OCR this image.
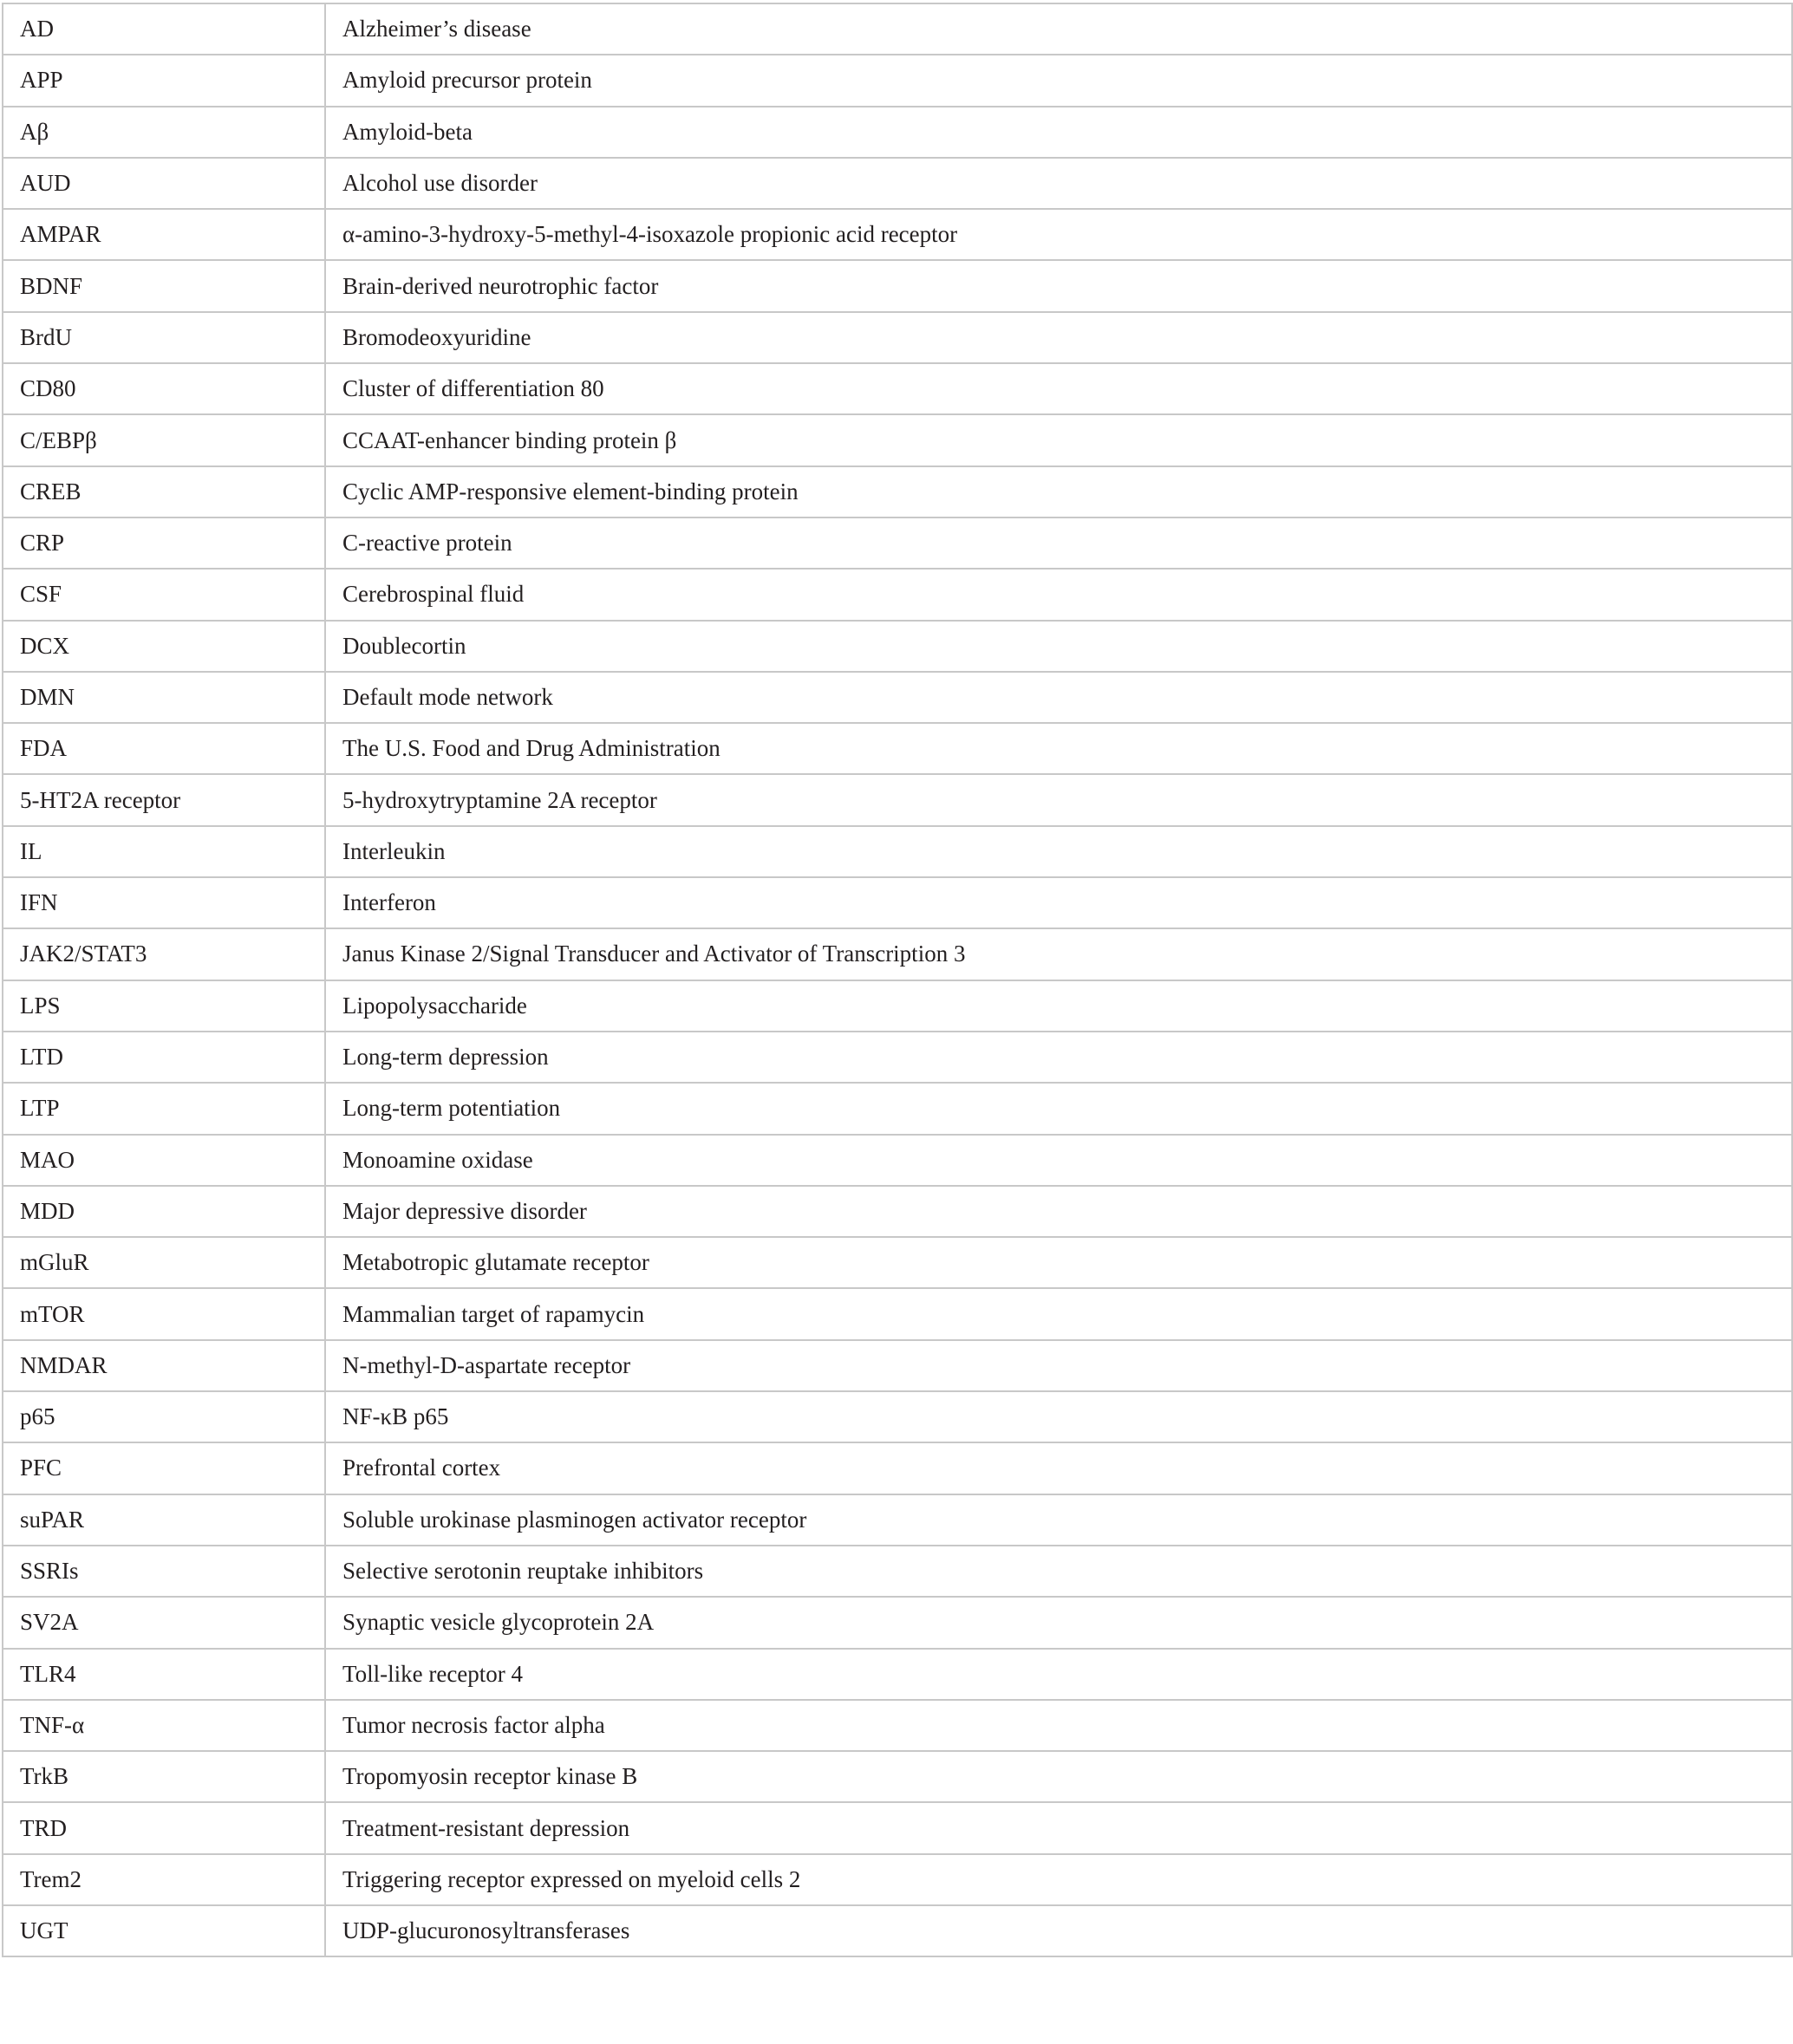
AD	Alzheimer’s disease
APP	Amyloid precursor protein
Aβ	Amyloid-beta
AUD	Alcohol use disorder
AMPAR	α-amino-3-hydroxy-5-methyl-4-isoxazole propionic acid receptor
BDNF	Brain-derived neurotrophic factor
BrdU	Bromodeoxyuridine
CD80	Cluster of differentiation 80
C/EBPβ	CCAAT-enhancer binding protein β
CREB	Cyclic AMP-responsive element-binding protein
CRP	C-reactive protein
CSF	Cerebrospinal fluid
DCX	Doublecortin
DMN	Default mode network
FDA	The U.S. Food and Drug Administration
5-HT2A receptor	5-hydroxytryptamine 2A receptor
IL	Interleukin
IFN	Interferon
JAK2/STAT3	Janus Kinase 2/Signal Transducer and Activator of Transcription 3
LPS	Lipopolysaccharide
LTD	Long-term depression
LTP	Long-term potentiation
MAO	Monoamine oxidase
MDD	Major depressive disorder
mGluR	Metabotropic glutamate receptor
mTOR	Mammalian target of rapamycin
NMDAR	N-methyl-D-aspartate receptor
p65	NF-κB p65
PFC	Prefrontal cortex
suPAR	Soluble urokinase plasminogen activator receptor
SSRIs	Selective serotonin reuptake inhibitors
SV2A	Synaptic vesicle glycoprotein 2A
TLR4	Toll-like receptor 4
TNF-α	Tumor necrosis factor alpha
TrkB	Tropomyosin receptor kinase B
TRD	Treatment-resistant depression
Trem2	Triggering receptor expressed on myeloid cells 2
UGT	UDP-glucuronosyltransferases
